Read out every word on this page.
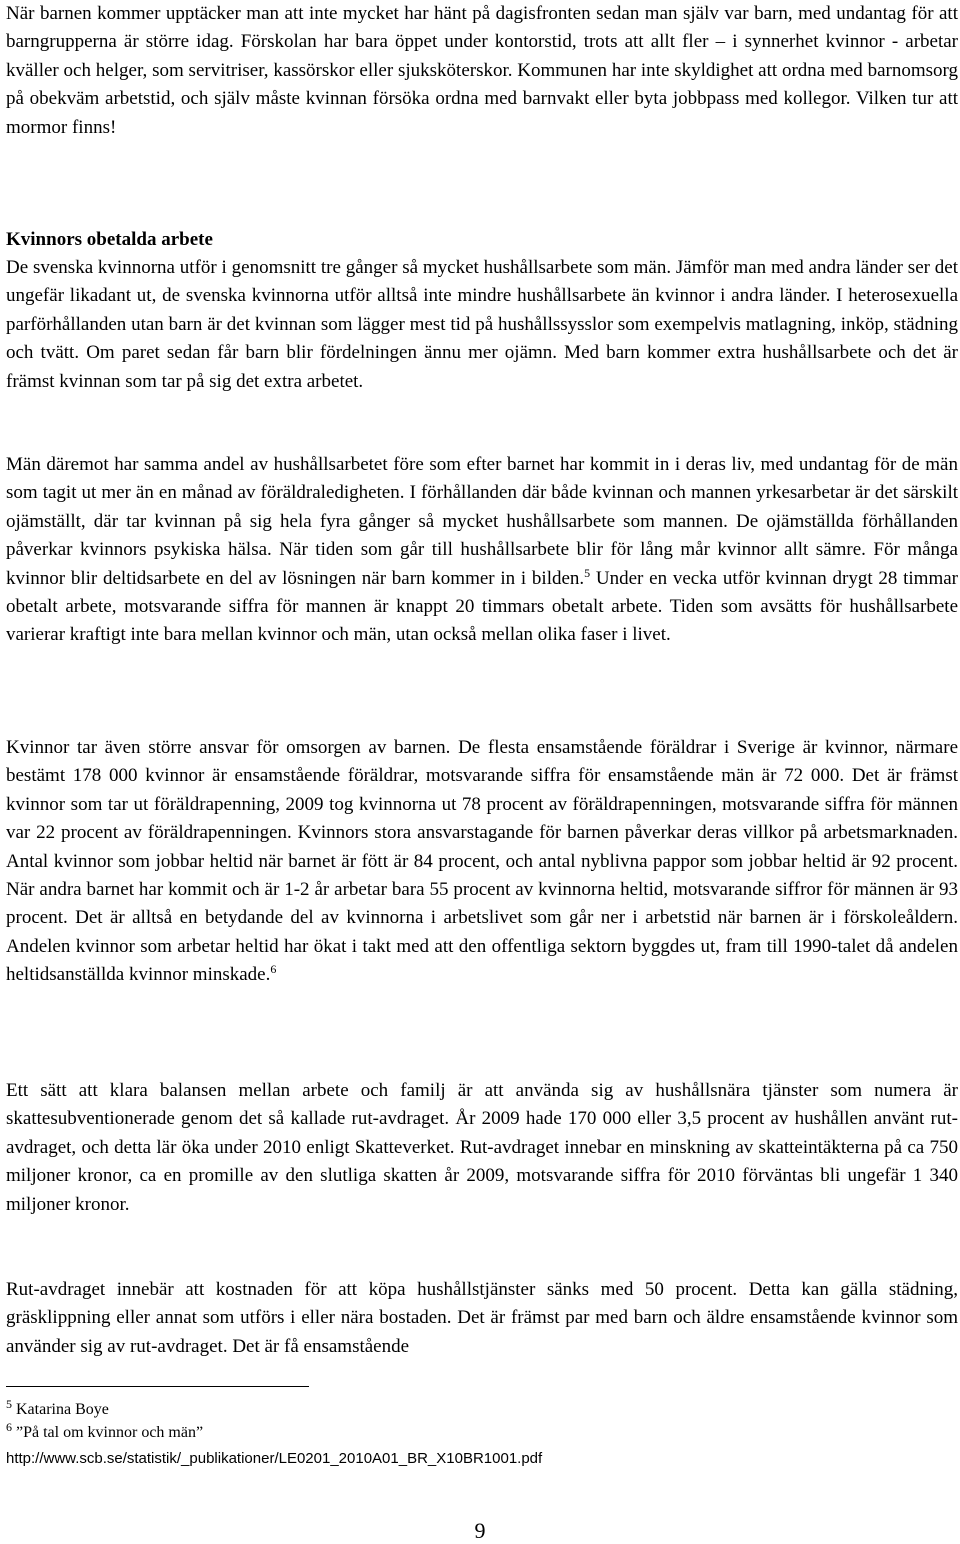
När barnen kommer upptäcker man att inte mycket har hänt på dagisfronten sedan man själv var barn, med undantag för att barngrupperna är större idag. Förskolan har bara öppet under kontorstid, trots att allt fler – i synnerhet kvinnor - arbetar kväller och helger, som servitriser, kassörskor eller sjuksköterskor. Kommunen har inte skyldighet att ordna med barnomsorg på obekväm arbetstid, och själv måste kvinnan försöka ordna med barnvakt eller byta jobbpass med kollegor. Vilken tur att mormor finns!

Kvinnors obetalda arbete

De svenska kvinnorna utför i genomsnitt tre gånger så mycket hushållsarbete som män. Jämför man med andra länder ser det ungefär likadant ut, de svenska kvinnorna utför alltså inte mindre hushållsarbete än kvinnor i andra länder. I heterosexuella parförhållanden utan barn är det kvinnan som lägger mest tid på hushållssysslor som exempelvis matlagning, inköp, städning och tvätt. Om paret sedan får barn blir fördelningen ännu mer ojämn. Med barn kommer extra hushållsarbete och det är främst kvinnan som tar på sig det extra arbetet.

Män däremot har samma andel av hushållsarbetet före som efter barnet har kommit in i deras liv, med undantag för de män som tagit ut mer än en månad av föräldraledigheten. I förhållanden där både kvinnan och mannen yrkesarbetar är det särskilt ojämställt, där tar kvinnan på sig hela fyra gånger så mycket hushållsarbete som mannen. De ojämställda förhållanden påverkar kvinnors psykiska hälsa. När tiden som går till hushållsarbete blir för lång mår kvinnor allt sämre. För många kvinnor blir deltidsarbete en del av lösningen när barn kommer in i bilden.$^5$ Under en vecka utför kvinnan drygt 28 timmar obetalt arbete, motsvarande siffra för mannen är knappt 20 timmars obetalt arbete. Tiden som avsätts för hushållsarbete varierar kraftigt inte bara mellan kvinnor och män, utan också mellan olika faser i livet.

Kvinnor tar även större ansvar för omsorgen av barnen. De flesta ensamstående föräldrar i Sverige är kvinnor, närmare bestämt 178 000 kvinnor är ensamstående föräldrar, motsvarande siffra för ensamstående män är 72 000. Det är främst kvinnor som tar ut föräldrapenning, 2009 tog kvinnorna ut 78 procent av föräldrapenningen, motsvarande siffra för männen var 22 procent av föräldrapenningen. Kvinnors stora ansvarstagande för barnen påverkar deras villkor på arbetsmarknaden. Antal kvinnor som jobbar heltid när barnet är fött är 84 procent, och antal nyblivna pappor som jobbar heltid är 92 procent. När andra barnet har kommit och är 1-2 år arbetar bara 55 procent av kvinnorna heltid, motsvarande siffror för männen är 93 procent. Det är alltså en betydande del av kvinnorna i arbetslivet som går ner i arbetstid när barnen är i förskoleåldern. Andelen kvinnor som arbetar heltid har ökat i takt med att den offentliga sektorn byggdes ut, fram till 1990-talet då andelen heltidsanställda kvinnor minskade.$^6$

Ett sätt att klara balansen mellan arbete och familj är att använda sig av hushållsnära tjänster som numera är skattesubventionerade genom det så kallade rut-avdraget. År 2009 hade 170 000 eller 3,5 procent av hushållen använt rut-avdraget, och detta lär öka under 2010 enligt Skatteverket. Rut-avdraget innebar en minskning av skatteintäkterna på ca 750 miljoner kronor, ca en promille av den slutliga skatten år 2009, motsvarande siffra för 2010 förväntas bli ungefär 1 340 miljoner kronor.

Rut-avdraget innebär att kostnaden för att köpa hushållstjänster sänks med 50 procent. Detta kan gälla städning, gräsklippning eller annat som utförs i eller nära bostaden. Det är främst par med barn och äldre ensamstående kvinnor som använder sig av rut-avdraget. Det är få ensamstående

$^5$ Katarina Boye

$^6$ ”På tal om kvinnor och män”

http://www.scb.se/statistik/_publikationer/LE0201_2010A01_BR_X10BR1001.pdf

9
